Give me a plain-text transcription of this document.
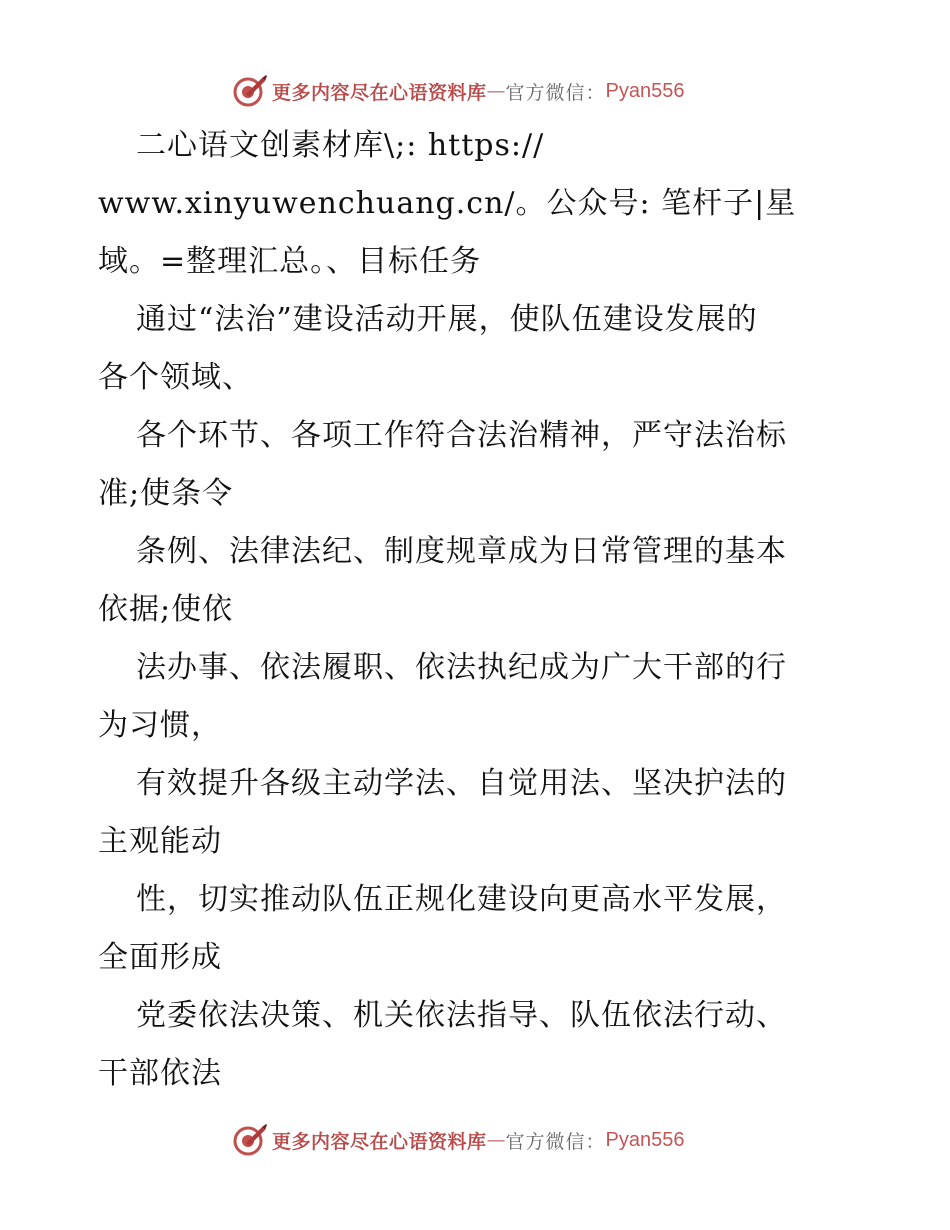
更多内容尽在心语资料库 — 官方微信： Pyan556
二心语文创素材库\;: https://
www.xinyuwenchuang.cn/。公众号: 笔杆子|星
域。=整理汇总。、目标任务
通过“法治”建设活动开展，使队伍建设发展的
各个领域、
各个环节、各项工作符合法治精神，严守法治标
准;使条令
条例、法律法纪、制度规章成为日常管理的基本
依据;使依
法办事、依法履职、依法执纪成为广大干部的行
为习惯，
有效提升各级主动学法、自觉用法、坚决护法的
主观能动
性，切实推动队伍正规化建设向更高水平发展，
全面形成
党委依法决策、机关依法指导、队伍依法行动、
干部依法
更多内容尽在心语资料库 — 官方微信： Pyan556
